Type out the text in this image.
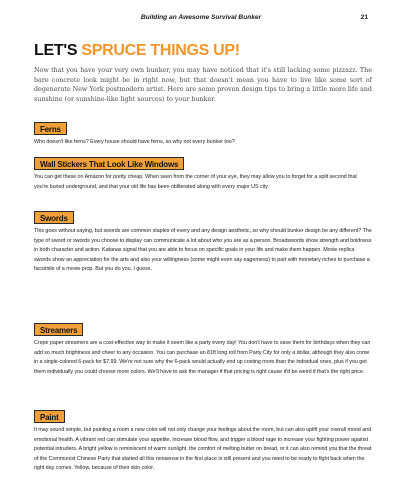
Building an Awesome Survival Bunker	21
LET'S SPRUCE THINGS UP!

Now that you have your very own bunker, you may have noticed that it's still lacking some pizzazz. The bare concrete look might be in right now, but that doesn't mean you have to live like some sort of degenerate New York postmodern artist. Here are some proven design tips to bring a little more life and sunshine (or sunshine-like light sources) to your bunker.

Ferns

Who doesn't like ferns? Every house should have ferns, so why not every bunker too?

Wall Stickers That Look Like Windows

You can get these on Amazon for pretty cheap. When seen from the corner of your eye, they may allow you to forget for a split second that you're buried underground, and that your old life has been obliterated along with every major US city.

Swords

This goes without saying, but swords are common staples of every and any design aesthetic, so why should bunker design be any different? The type of sword or swords you choose to display can communicate a lot about who you are as a person. Broadswords show strength and boldness in both character and action. Katanas signal that you are able to focus on specific goals in your life and make them happen. Movie replica swords show an appreciation for the arts and also your willingness (some might even say eagerness) to part with monetary riches to purchase a facsimile of a movie prop. But you do you, I guess.

Streamers

Crepe paper streamers are a cost-effective way to make it seem like a party every day! You don't have to save them for birthdays when they can add so much brightness and cheer to any occasion. You can purchase an 81ft long roll from Party City for only a dollar, although they also come in a single-colored 6-pack for $7.99. We're not sure why the 6-pack would actually end up costing more than the individual ones, plus if you get them individually you could choose more colors. We'll have to ask the manager if that pricing is right cause it'd be weird if that's the right price.

Paint

It may sound simple, but painting a room a new color will not only change your feelings about the room, but can also uplift your overall mood and emotional health. A vibrant red can stimulate your appetite, increase blood flow, and trigger a blood rage to increase your fighting power against potential intruders. A bright yellow is reminiscent of warm sunlight, the comfort of melting butter on bread, or it can also remind you that the threat of the Communist Chinese Party that started all this nonsense in the first place is still present and you need to be ready to fight back when the right day comes. Yellow, because of their skin color.
